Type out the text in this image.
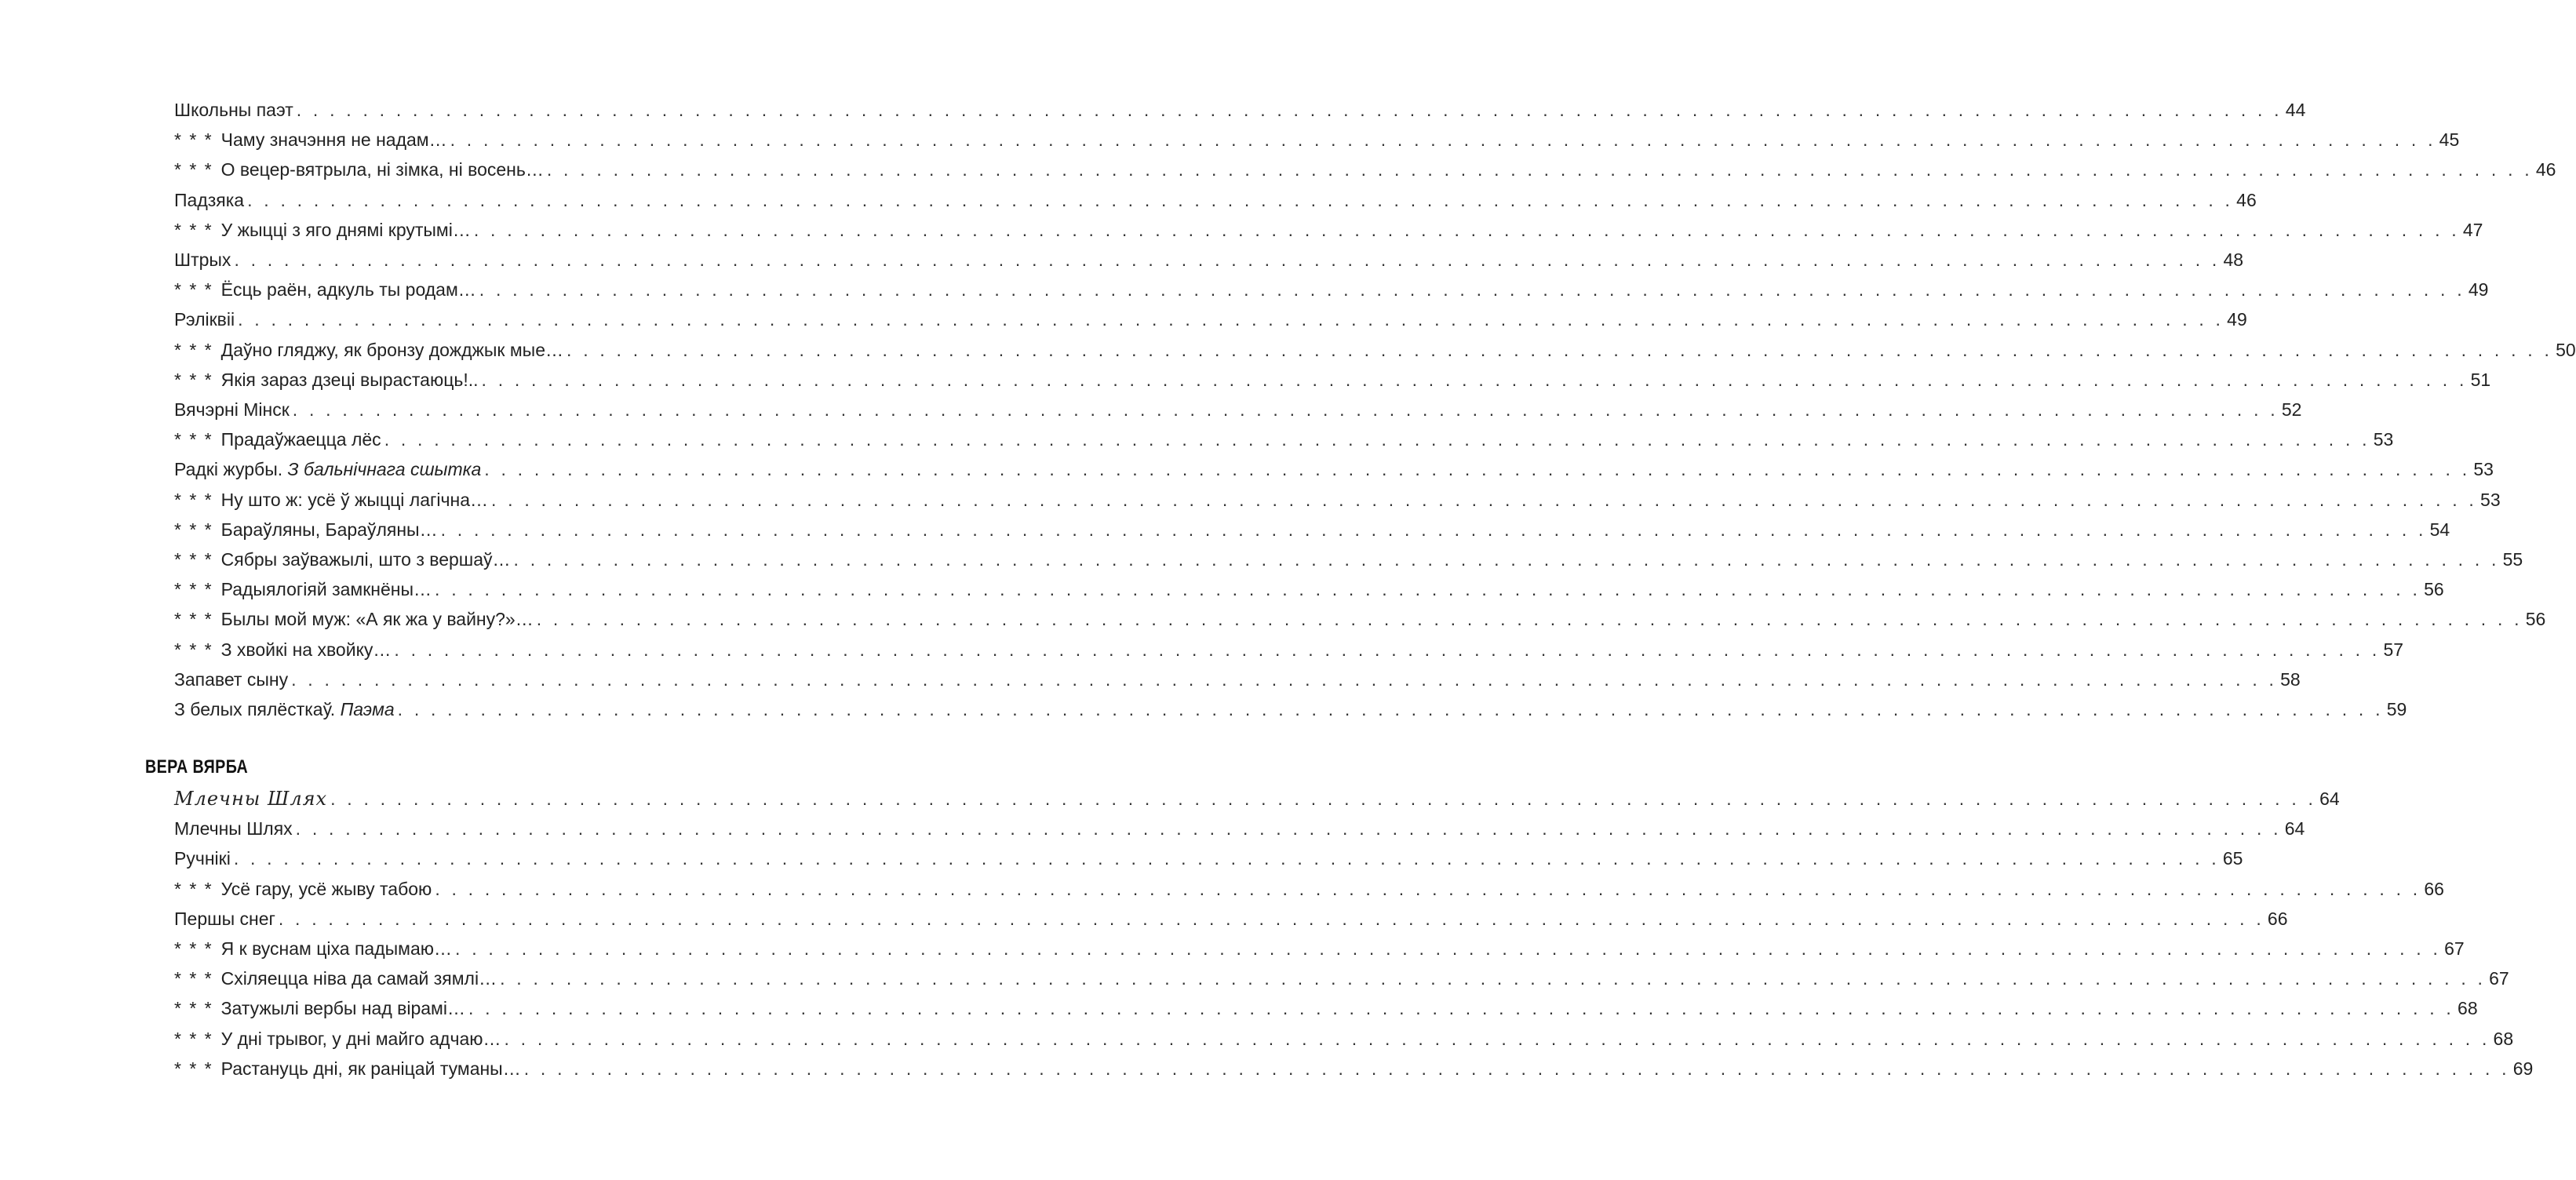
Школьны паэт . . . . . . . . . . . . . . . . . . . . . . . . . . . . . . . . . . . . . . . . . . . . . . . . . . . . . . . . . . . . . . . . . . . . . . . . . . . . . . . . . . . . . . . . . . . . . . . . . . . . . . . . . . . . . . . . . . . . . . . . 44
* * * Чаму значэння не надам… . . . . . . . . . . . . . . . . . . . . . . . . . . . . . . . . . . . . . . . . . . . . . . . . . . . . . . . . . . . . . . . . . . . . . . . . . . . . . . . . . . . . . . . . . . . . . . . . . . . . . . . . . . . . . . . . . . . . . . . . 45
* * * О вецер-вятрыла, ні зімка, ні восень… . . . . . . . . . . . . . . . . . . . . . . . . . . . . . . . . . . . . . . . . . . . . . . . . . . . . . . . . . . . . . . . . . . . . . . . . . . . . . . . . . . . . . . . . . . . . . . . . . . . . . . . . . . . . . . . . . . . . . . . . 46
Падзяка . . . . . . . . . . . . . . . . . . . . . . . . . . . . . . . . . . . . . . . . . . . . . . . . . . . . . . . . . . . . . . . . . . . . . . . . . . . . . . . . . . . . . . . . . . . . . . . . . . . . . . . . . . . . . . . . . . . . . . . . 46
* * * У жыцці з яго днямі крутымі… . . . . . . . . . . . . . . . . . . . . . . . . . . . . . . . . . . . . . . . . . . . . . . . . . . . . . . . . . . . . . . . . . . . . . . . . . . . . . . . . . . . . . . . . . . . . . . . . . . . . . . . . . . . . . . . . . . . . . . . . 47
Штрых . . . . . . . . . . . . . . . . . . . . . . . . . . . . . . . . . . . . . . . . . . . . . . . . . . . . . . . . . . . . . . . . . . . . . . . . . . . . . . . . . . . . . . . . . . . . . . . . . . . . . . . . . . . . . . . . . . . . . . . . 48
* * * Ёсць раён, адкуль ты родам… . . . . . . . . . . . . . . . . . . . . . . . . . . . . . . . . . . . . . . . . . . . . . . . . . . . . . . . . . . . . . . . . . . . . . . . . . . . . . . . . . . . . . . . . . . . . . . . . . . . . . . . . . . . . . . . . . . . . . . . . 49
Рэліквіі . . . . . . . . . . . . . . . . . . . . . . . . . . . . . . . . . . . . . . . . . . . . . . . . . . . . . . . . . . . . . . . . . . . . . . . . . . . . . . . . . . . . . . . . . . . . . . . . . . . . . . . . . . . . . . . . . . . . . . . . 49
* * * Даўно гляджу, як бронзу дожджык мые… . . . . . . . . . . . . . . . . . . . . . . . . . . . . . . . . . . . . . . . . . . . . . . . . . . . . . . . . . . . . . . . . . . . . . . . . . . . . . . . . . . . . . . . . . . . . . . . . . . . . . . . . . . . . . . . . . . . . . . . . 50
* * * Якія зараз дзеці вырастаюць!.. . . . . . . . . . . . . . . . . . . . . . . . . . . . . . . . . . . . . . . . . . . . . . . . . . . . . . . . . . . . . . . . . . . . . . . . . . . . . . . . . . . . . . . . . . . . . . . . . . . . . . . . . . . . . . . . . . . . . . . . . 51
Вячэрні Мінск . . . . . . . . . . . . . . . . . . . . . . . . . . . . . . . . . . . . . . . . . . . . . . . . . . . . . . . . . . . . . . . . . . . . . . . . . . . . . . . . . . . . . . . . . . . . . . . . . . . . . . . . . . . . . . . . . . . . . . . . 52
* * * Прадаўжаецца лёс . . . . . . . . . . . . . . . . . . . . . . . . . . . . . . . . . . . . . . . . . . . . . . . . . . . . . . . . . . . . . . . . . . . . . . . . . . . . . . . . . . . . . . . . . . . . . . . . . . . . . . . . . . . . . . . . . . . . . . . . 53
Радкі журбы. З бальнічнага сшытка . . . . . . . . . . . . . . . . . . . . . . . . . . . . . . . . . . . . . . . . . . . . . . . . . . . . . . . . . . . . . . . . . . . . . . . . . . . . . . . . . . . . . . . . . . . . . . . . . . . . . . . . . . . . . . . . . . . . . . . . 53
* * * Ну што ж: усё ў жыцці лагічна… . . . . . . . . . . . . . . . . . . . . . . . . . . . . . . . . . . . . . . . . . . . . . . . . . . . . . . . . . . . . . . . . . . . . . . . . . . . . . . . . . . . . . . . . . . . . . . . . . . . . . . . . . . . . . . . . . . . . . . . . 53
* * * Бараўляны, Бараўляны… . . . . . . . . . . . . . . . . . . . . . . . . . . . . . . . . . . . . . . . . . . . . . . . . . . . . . . . . . . . . . . . . . . . . . . . . . . . . . . . . . . . . . . . . . . . . . . . . . . . . . . . . . . . . . . . . . . . . . . . . 54
* * * Сябры заўважылі, што з вершаў… . . . . . . . . . . . . . . . . . . . . . . . . . . . . . . . . . . . . . . . . . . . . . . . . . . . . . . . . . . . . . . . . . . . . . . . . . . . . . . . . . . . . . . . . . . . . . . . . . . . . . . . . . . . . . . . . . . . . . . . . 55
* * * Радыялогіяй замкнёны… . . . . . . . . . . . . . . . . . . . . . . . . . . . . . . . . . . . . . . . . . . . . . . . . . . . . . . . . . . . . . . . . . . . . . . . . . . . . . . . . . . . . . . . . . . . . . . . . . . . . . . . . . . . . . . . . . . . . . . . . 56
* * * Былы мой муж: «А як жа у вайну?»… . . . . . . . . . . . . . . . . . . . . . . . . . . . . . . . . . . . . . . . . . . . . . . . . . . . . . . . . . . . . . . . . . . . . . . . . . . . . . . . . . . . . . . . . . . . . . . . . . . . . . . . . . . . . . . . . . . . . . . . . 56
* * * З хвойкі на хвойку… . . . . . . . . . . . . . . . . . . . . . . . . . . . . . . . . . . . . . . . . . . . . . . . . . . . . . . . . . . . . . . . . . . . . . . . . . . . . . . . . . . . . . . . . . . . . . . . . . . . . . . . . . . . . . . . . . . . . . . . . 57
Запавет сыну . . . . . . . . . . . . . . . . . . . . . . . . . . . . . . . . . . . . . . . . . . . . . . . . . . . . . . . . . . . . . . . . . . . . . . . . . . . . . . . . . . . . . . . . . . . . . . . . . . . . . . . . . . . . . . . . . . . . . . . . 58
З белых пялёсткаў. Паэма . . . . . . . . . . . . . . . . . . . . . . . . . . . . . . . . . . . . . . . . . . . . . . . . . . . . . . . . . . . . . . . . . . . . . . . . . . . . . . . . . . . . . . . . . . . . . . . . . . . . . . . . . . . . . . . . . . . . . . . . 59
Млечны Шлях . . . . . . . . . . . . . . . . . . . . . . . . . . . . . . . . . . . . . . . . . . . . . . . . . . . . . . . . . . . . . . . . . . . . . . . . . . . . . . . . . . . . . . . . . . . . . . . . . . . . . . . . . . . . . . . . . . . . . . . . 64
Млечны Шлях . . . . . . . . . . . . . . . . . . . . . . . . . . . . . . . . . . . . . . . . . . . . . . . . . . . . . . . . . . . . . . . . . . . . . . . . . . . . . . . . . . . . . . . . . . . . . . . . . . . . . . . . . . . . . . . . . . . . . . . . 64
Ручнікі . . . . . . . . . . . . . . . . . . . . . . . . . . . . . . . . . . . . . . . . . . . . . . . . . . . . . . . . . . . . . . . . . . . . . . . . . . . . . . . . . . . . . . . . . . . . . . . . . . . . . . . . . . . . . . . . . . . . . . . . 65
* * * Усё гару, усё жыву табою . . . . . . . . . . . . . . . . . . . . . . . . . . . . . . . . . . . . . . . . . . . . . . . . . . . . . . . . . . . . . . . . . . . . . . . . . . . . . . . . . . . . . . . . . . . . . . . . . . . . . . . . . . . . . . . . . . . . . . . . 66
Першы снег . . . . . . . . . . . . . . . . . . . . . . . . . . . . . . . . . . . . . . . . . . . . . . . . . . . . . . . . . . . . . . . . . . . . . . . . . . . . . . . . . . . . . . . . . . . . . . . . . . . . . . . . . . . . . . . . . . . . . . . . 66
* * * Я к вуснам ціха падымаю… . . . . . . . . . . . . . . . . . . . . . . . . . . . . . . . . . . . . . . . . . . . . . . . . . . . . . . . . . . . . . . . . . . . . . . . . . . . . . . . . . . . . . . . . . . . . . . . . . . . . . . . . . . . . . . . . . . . . . . . . 67
* * * Схіляецца ніва да самай зямлі… . . . . . . . . . . . . . . . . . . . . . . . . . . . . . . . . . . . . . . . . . . . . . . . . . . . . . . . . . . . . . . . . . . . . . . . . . . . . . . . . . . . . . . . . . . . . . . . . . . . . . . . . . . . . . . . . . . . . . . . . 67
* * * Затужылі вербы над вірамі… . . . . . . . . . . . . . . . . . . . . . . . . . . . . . . . . . . . . . . . . . . . . . . . . . . . . . . . . . . . . . . . . . . . . . . . . . . . . . . . . . . . . . . . . . . . . . . . . . . . . . . . . . . . . . . . . . . . . . . . . 68
* * * У дні трывог, у дні майго адчаю… . . . . . . . . . . . . . . . . . . . . . . . . . . . . . . . . . . . . . . . . . . . . . . . . . . . . . . . . . . . . . . . . . . . . . . . . . . . . . . . . . . . . . . . . . . . . . . . . . . . . . . . . . . . . . . . . . . . . . . . . 68
* * * Растануць дні, як раніцай туманы… . . . . . . . . . . . . . . . . . . . . . . . . . . . . . . . . . . . . . . . . . . . . . . . . . . . . . . . . . . . . . . . . . . . . . . . . . . . . . . . . . . . . . . . . . . . . . . . . . . . . . . . . . . . . . . . . . . . . . . . . 69
ВЕРА ВЯРБА
